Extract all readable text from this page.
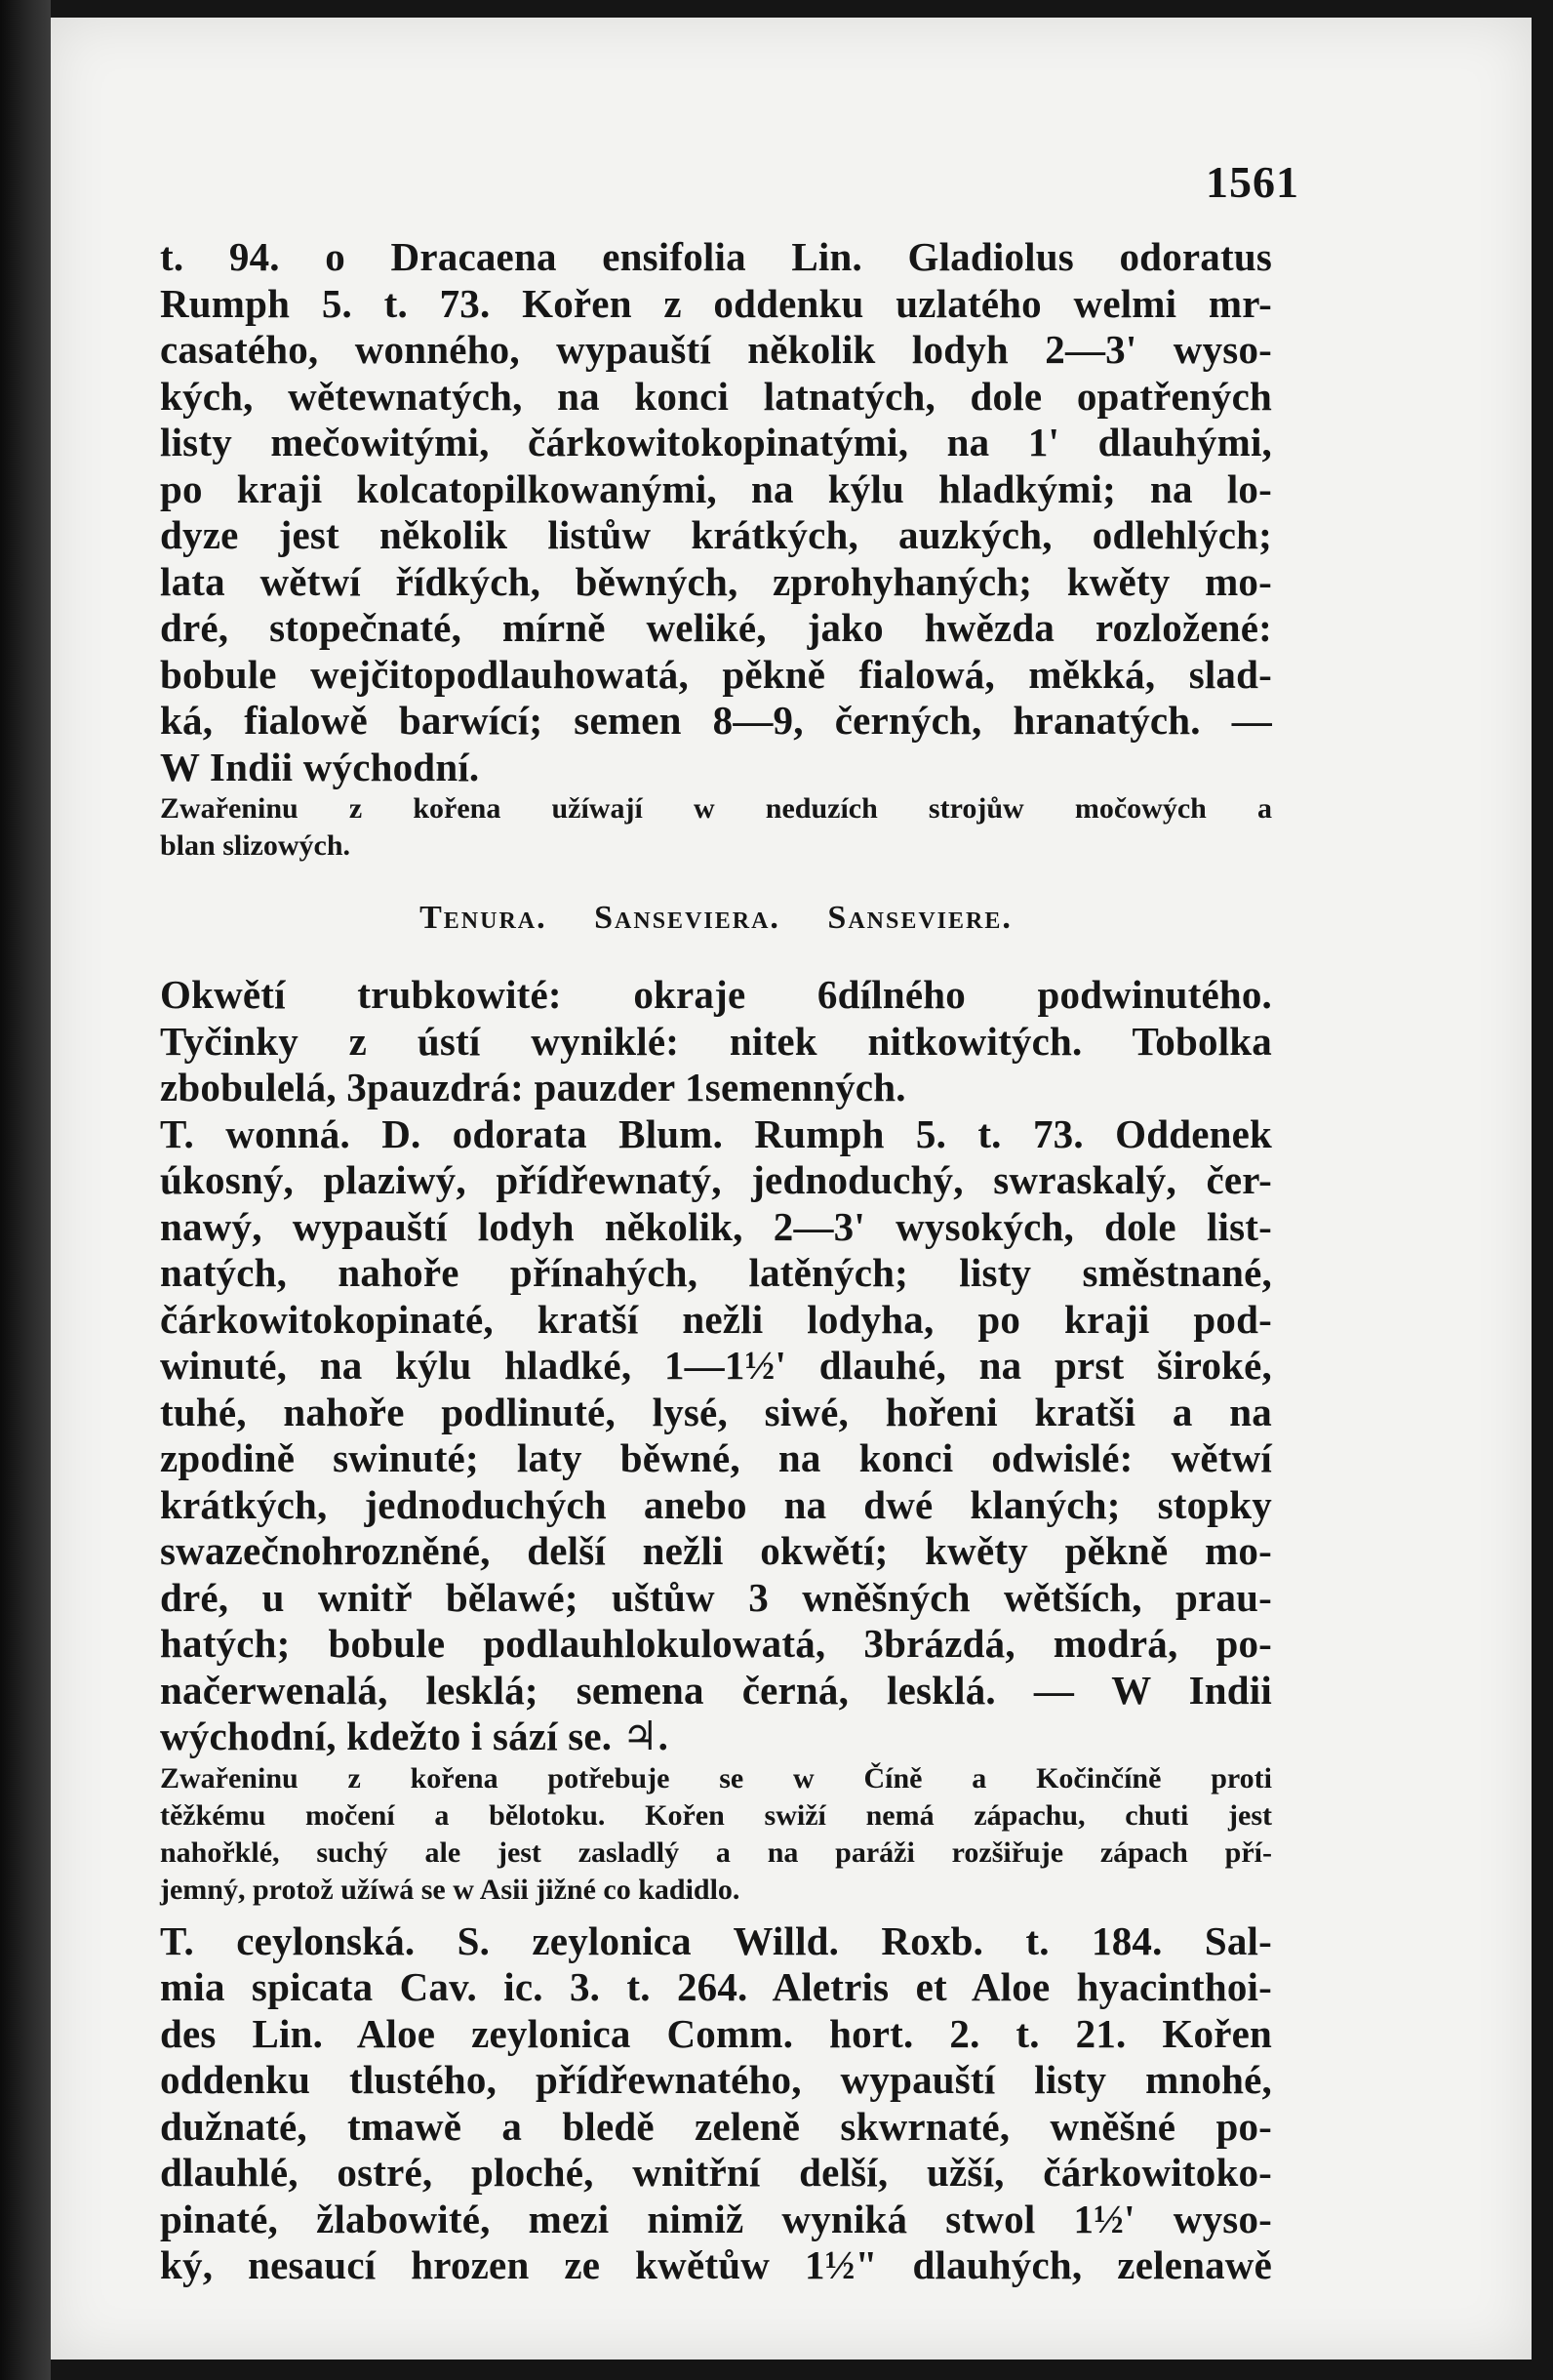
1561
t. 94. o Dracaena ensifolia Lin. Gladiolus odoratus
Rumph 5. t. 73. Kořen z oddenku uzlatého welmi mr-
casatého, wonného, wypauští několik lodyh 2—3' wyso-
kých, wětewnatých, na konci latnatých, dole opatřených
listy mečowitými, čárkowitokopinatými, na 1' dlauhými,
po kraji kolcatopilkowanými, na kýlu hladkými; na lo-
dyze jest několik listůw krátkých, auzkých, odlehlých;
lata wětwí řídkých, běwných, zprohyhaných; kwěty mo-
dré, stopečnaté, mírně weliké, jako hwězda rozložené:
bobule wejčitopodlauhowatá, pěkně fialowá, měkká, slad-
ká, fialowě barwící; semen 8—9, černých, hranatých. —
W Indii wýchodní.
Zwařeninu z kořena užíwají w neduzích strojůw močowých a
blan slizowých.
Tenura. Sanseviera. Sansevierе.
Okwětí trubkowité: okraje 6dílného podwinutého.
Tyčinky z ústí wyniklé: nitek nitkowitých. Tobolka
zbobulelá, 3pauzdrá: pauzder 1semenných.
T. wonná. D. odorata Blum. Rumph 5. t. 73. Oddenek
úkosný, plaziwý, přídřewnatý, jednoduchý, swraskalý, čer-
nawý, wypauští lodyh několik, 2—3' wysokých, dole list-
natých, nahoře přínahých, latěných; listy směstnané,
čárkowitokopinaté, kratší nežli lodyha, po kraji pod-
winuté, na kýlu hladké, 1—1½' dlauhé, na prst široké,
tuhé, nahoře podlinuté, lysé, siwé, hořeni kratši a na
zpodině swinuté; laty běwné, na konci odwislé: wětwí
krátkých, jednoduchých anebo na dwé klaných; stopky
swazečnohrozněné, delší nežli okwětí; kwěty pěkně mo-
dré, u wnitř bělawé; uštůw 3 wněšných wětších, prau-
hatých; bobule podlauhlokulowatá, 3brázdá, modrá, po-
načerwenalá, lesklá; semena černá, lesklá. — W Indii
wýchodní, kdežto i sází se. ♃.
Zwařeninu z kořena potřebuje se w Číně a Kočinčíně proti
těžkému močení a bělotoku. Kořen swiží nemá zápachu, chuti jest
nahořklé, suchý ale jest zasladlý a na paráži rozšiřuje zápach pří-
jemný, protož užíwá se w Asii jižné co kadidlo.
T. ceylonská. S. zeylonica Willd. Roxb. t. 184. Sal-
mia spicata Cav. ic. 3. t. 264. Aletris et Aloe hyacinthoi-
des Lin. Aloe zeylonica Comm. hort. 2. t. 21. Kořen
oddenku tlustého, přídřewnatého, wypauští listy mnohé,
dužnaté, tmawě a bledě zeleně skwrnaté, wněšné po-
dlauhlé, ostré, ploché, wnitřní delší, užší, čárkowitoko-
pinaté, žlabowité, mezi nimiž wyniká stwol 1½' wyso-
ký, nesaucí hrozen ze kwětůw 1½" dlauhých, zelenawě
